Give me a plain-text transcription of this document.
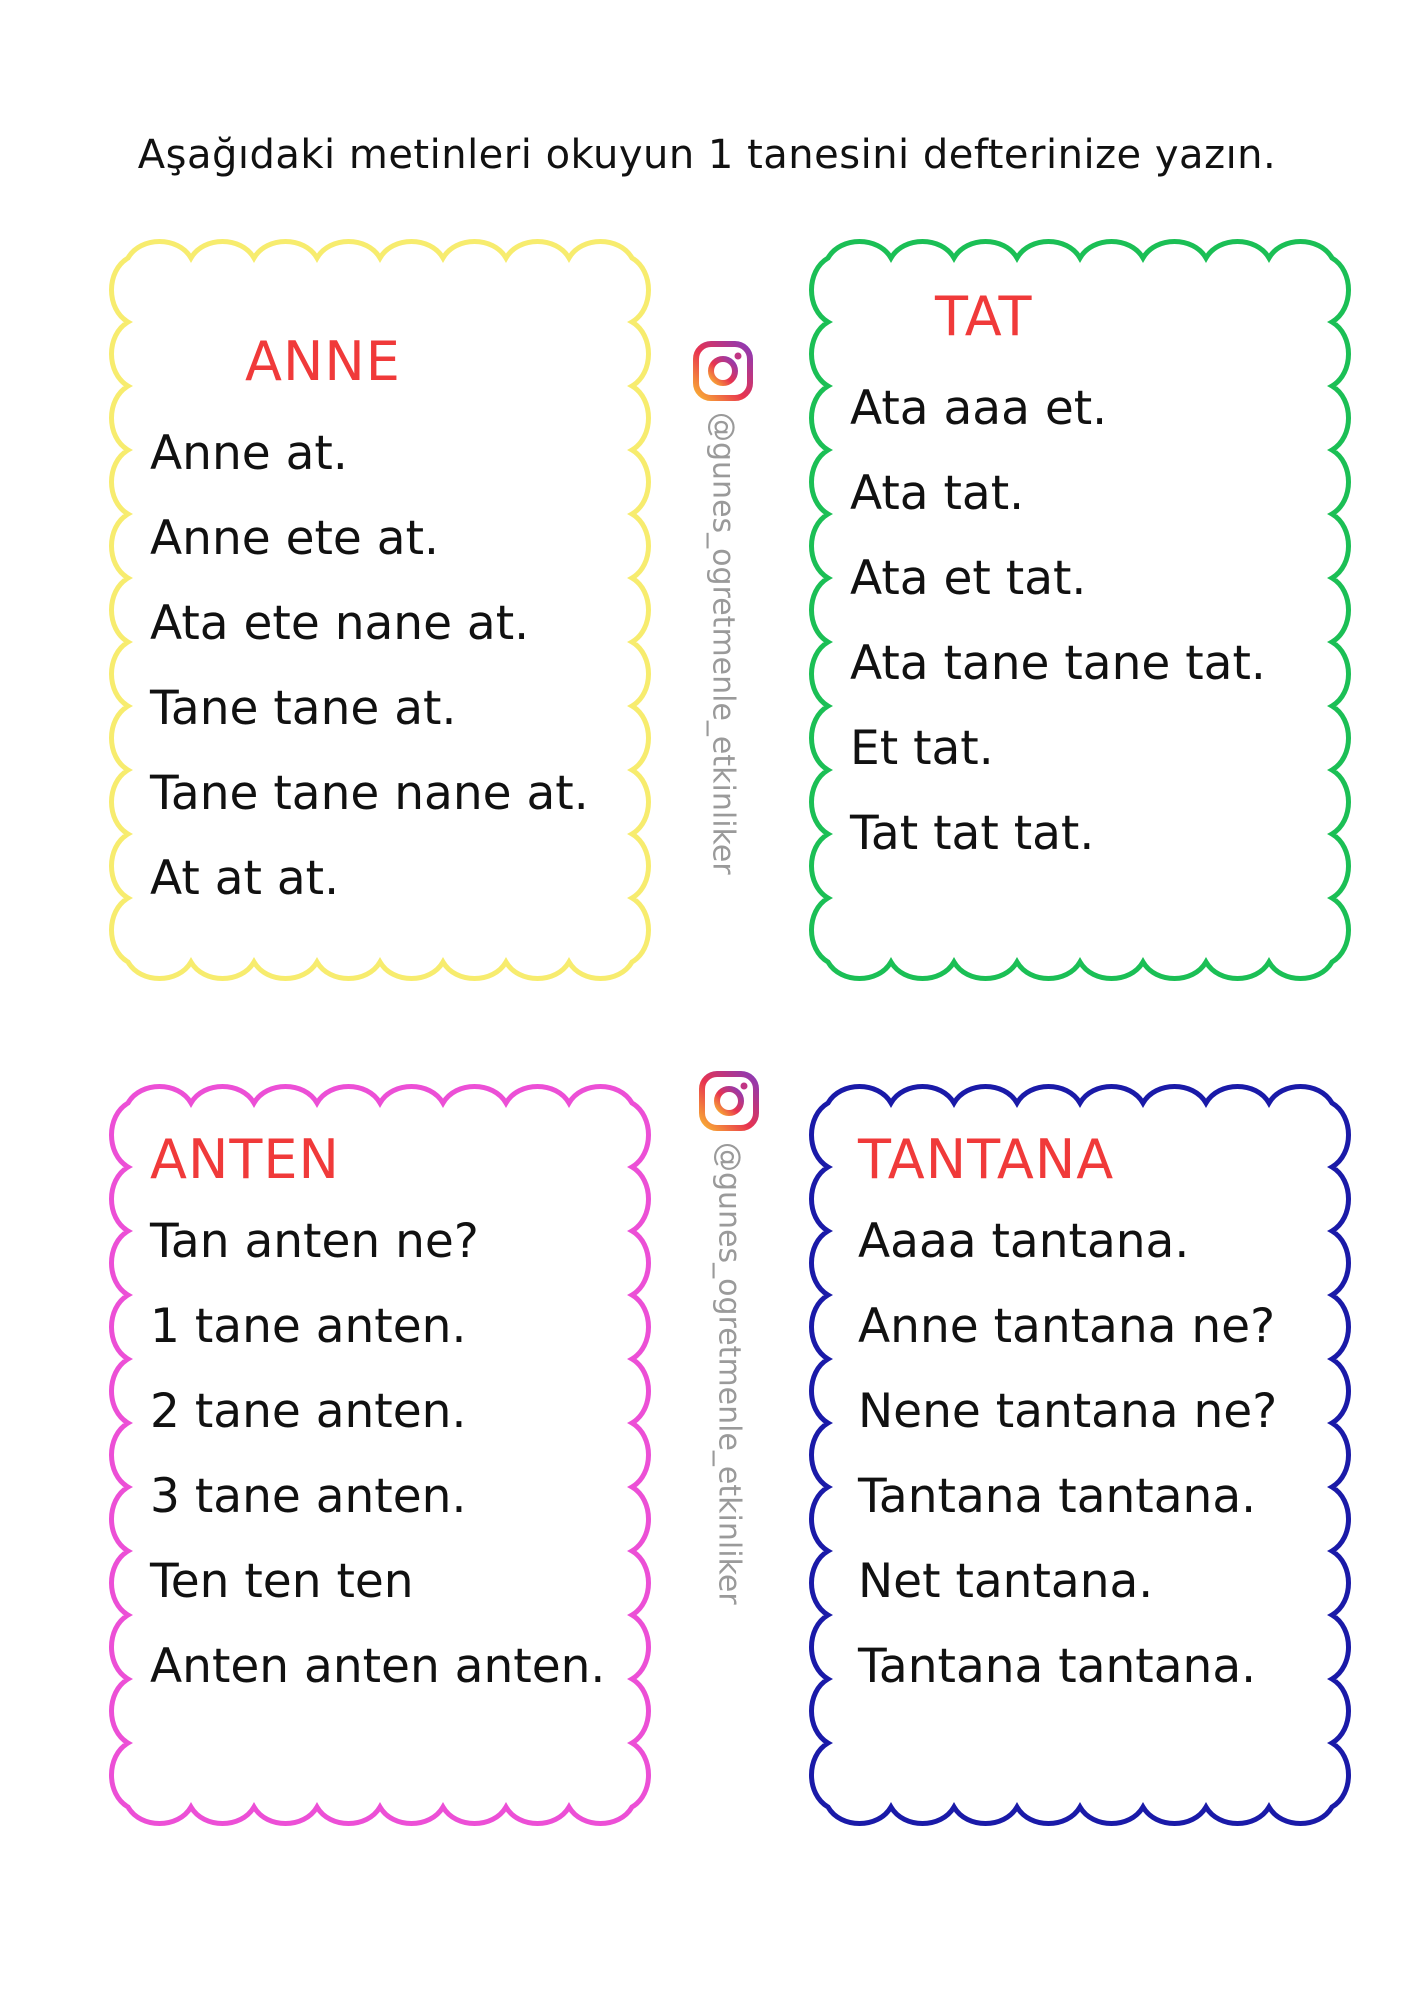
Aşağıdaki metinleri okuyun 1 tanesini defterinize yazın.
ANNE
Anne at.
Anne ete at.
Ata ete nane at.
Tane tane at.
Tane tane nane at.
At at at.
TAT
Ata aaa et.
Ata tat.
Ata et tat.
Ata tane tane tat.
Et tat.
Tat tat tat.
ANTEN
Tan anten ne?
1 tane anten.
2 tane anten.
3 tane anten.
Ten ten ten
Anten anten anten.
TANTANA
Aaaa tantana.
Anne tantana ne?
Nene tantana ne?
Tantana tantana.
Net tantana.
Tantana tantana.
@gunes_ogretmenle_etkinliker
@gunes_ogretmenle_etkinliker
